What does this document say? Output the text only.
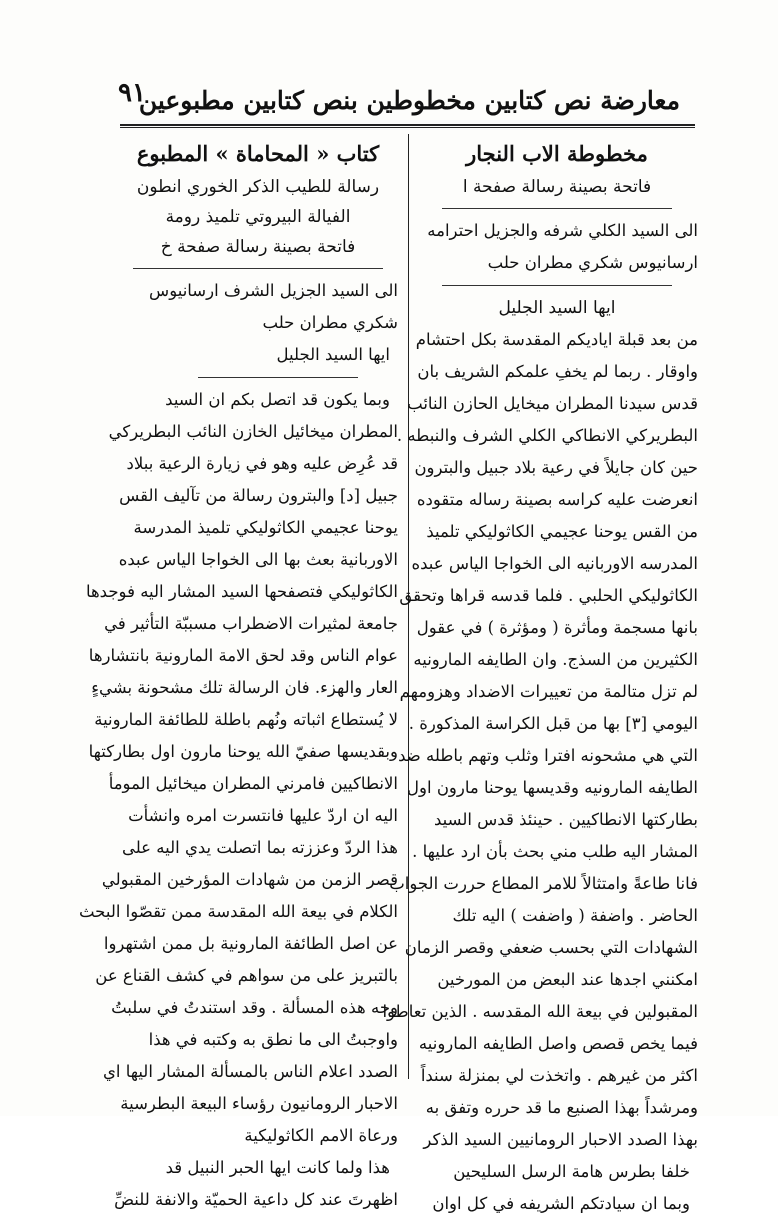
معارضة نص كتابين مخطوطين بنص كتابين مطبوعين
٩١
مخطوطة الاب النجار
فاتحة بصينة رسالة صفحة ا
الى السيد الكلي شرفه والجزيل احترامه
ارسانيوس شكري مطران حلب
ايها السيد الجليل
من بعد قبلة اياديكم المقدسة بكل احتشام
واوقار . ربما لم يخفِ علمكم الشريف بان
قدس سيدنا المطران ميخايل الحازن النائب
البطريركي الانطاكي الكلي الشرف والنبطه .
حين كان جايلاً في رعية بلاد جبيل والبترون
انعرضت عليه كراسه بصينة رساله متقوده
من القس يوحنا عجيمي الكاثوليكي تلميذ
المدرسه الاوربانيه الى الخواجا الياس عبده
الكاثوليكي الحلبي . فلما قدسه قراها وتحقق
بانها مسجمة ومأثرة ( ومؤثرة ) في عقول
الكثيرين من السذج. وان الطايفه المارونيه
لم تزل متالمة من تعييرات الاضداد وهزومهم
اليومي [٣] بها من قبل الكراسة المذكورة .
التي هي مشحونه افترا وثلب وتهم باطله ضد
الطايفه المارونيه وقديسها يوحنا مارون اول
بطاركتها الانطاكيين . حينئذ قدس السيد
المشار اليه طلب مني بحث بأن ارد عليها .
فانا طاعةً وامتثالاً للامر المطاع حررت الجواب
الحاضر . واضفة ( واضفت ) اليه تلك
الشهادات التي بحسب ضعفي وقصر الزمان
امكنني اجدها عند البعض من المورخين
المقبولين في بيعة الله المقدسه . الذين تعاطوا
فيما يخص قصص واصل الطايفه المارونيه
اكثر من غيرهم . واتخذت لي بمنزلة سنداً
ومرشداً بهذا الصنيع ما قد حرره وتفق به
بهذا الصدد الاحبار الرومانيين السيد الذكر
خلفا بطرس هامة الرسل السليحين
وبما ان سيادتكم الشريفه في كل اوان
كتاب « المحاماة » المطبوع
رسالة للطيب الذكر الخوري انطون
الفيالة البيروتي تلميذ رومة
فاتحة بصينة رسالة صفحة خ
الى السيد الجزيل الشرف ارسانيوس
شكري مطران حلب
ايها السيد الجليل
وبما يكون قد اتصل بكم ان السيد
المطران ميخائيل الخازن النائب البطريركي
قد عُرِض عليه وهو في زيارة الرعية ببلاد
جبيل [د] والبترون رسالة من تآليف القس
يوحنا عجيمي الكاثوليكي تلميذ المدرسة
الاوربانية بعث بها الى الخواجا الياس عبده
الكاثوليكي فتصفحها السيد المشار اليه فوجدها
جامعة لمثيرات الاضطراب مسببّة التأثير في
عوام الناس وقد لحق الامة المارونية بانتشارها
العار والهزء. فان الرسالة تلك مشحونة بشيءٍ
لا يُستطاع اثباته ونُهم باطلة للطائفة المارونية
وبقديسها صفيّ الله يوحنا مارون اول بطاركتها
الانطاكيين فامرني المطران ميخائيل المومأ
اليه ان اردّ عليها فانتسرت امره وانشأت
هذا الردّ وعززته بما اتصلت يدي اليه على
قصر الزمن من شهادات المؤرخين المقبولي
الكلام في بيعة الله المقدسة ممن تقصّوا البحث
عن اصل الطائفة المارونية بل ممن اشتهروا
بالتبريز على من سواهم في كشف القناع عن
وجه هذه المسألة . وقد استندتُ في سلبتُ
واوجبتُ الى ما نطق به وكتبه في هذا
الصدد اعلام الناس بالمسألة المشار اليها اي
الاحبار الرومانيون رؤساء البيعة البطرسية
ورعاة الامم الكاثوليكية
هذا ولما كانت ايها الحبر النبيل قد
اظهرتَ عند كل داعية الحميّة والانفة للنضِّ
